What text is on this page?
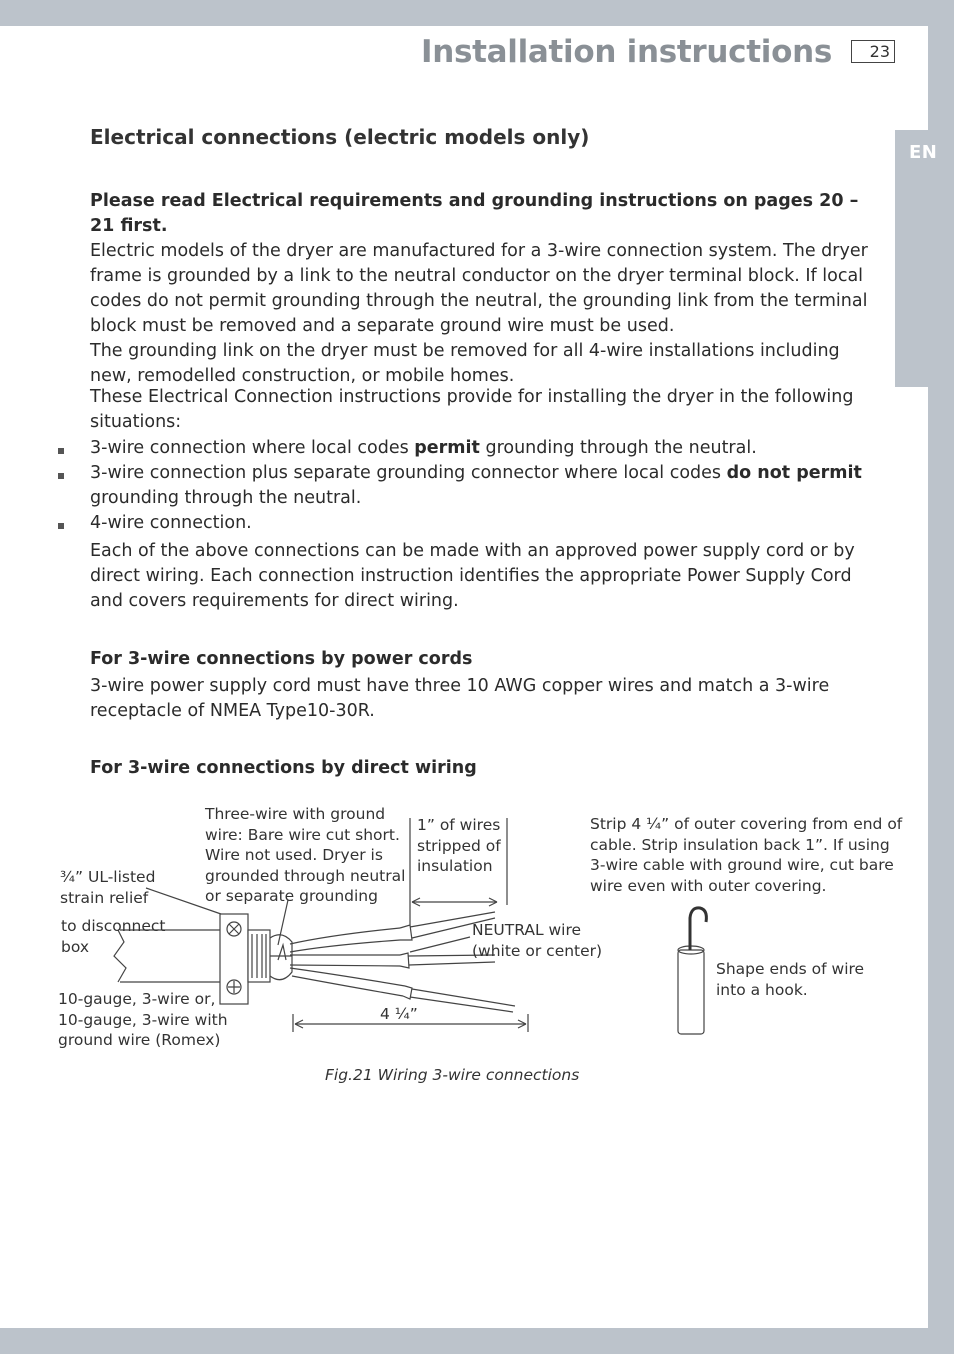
EN
Installation instructions	23
Electrical connections (electric models only)

Please read Electrical requirements and grounding instructions on pages 20 – 21 first.

Electric models of the dryer are manufactured for a 3-wire connection system. The dryer frame is grounded by a link to the neutral conductor on the dryer terminal block. If local codes do not permit grounding through the neutral, the grounding link from the terminal block must be removed and a separate ground wire must be used.

The grounding link on the dryer must be removed for all 4-wire installations including new, remodelled construction, or mobile homes.

These Electrical Connection instructions provide for installing the dryer in the following situations:

3-wire connection where local codes permit grounding through the neutral.
3-wire connection plus separate grounding connector where local codes do not permit grounding through the neutral.
4-wire connection.

Each of the above connections can be made with an approved power supply cord or by direct wiring. Each connection instruction identifies the appropriate Power Supply Cord and covers requirements for direct wiring.

For 3-wire connections by power cords

3-wire power supply cord must have three 10 AWG copper wires and match a 3-wire receptacle of NMEA Type10-30R.

For 3-wire connections by direct wiring
Three-wire with ground
wire: Bare wire cut short.
Wire not used. Dryer is
grounded through neutral
or separate grounding
1” of wires
stripped of
insulation
Strip 4 ¼” of outer covering from end of
cable. Strip insulation back 1”. If using
3-wire cable with ground wire, cut bare
wire even with outer covering.
¾” UL-listed
strain relief
to disconnect
box
NEUTRAL wire
(white or center)
10-gauge, 3-wire or,
10-gauge, 3-wire with
ground wire (Romex)
4 ¼”
Shape ends of wire
into a hook.
Fig.21 Wiring 3-wire connections
